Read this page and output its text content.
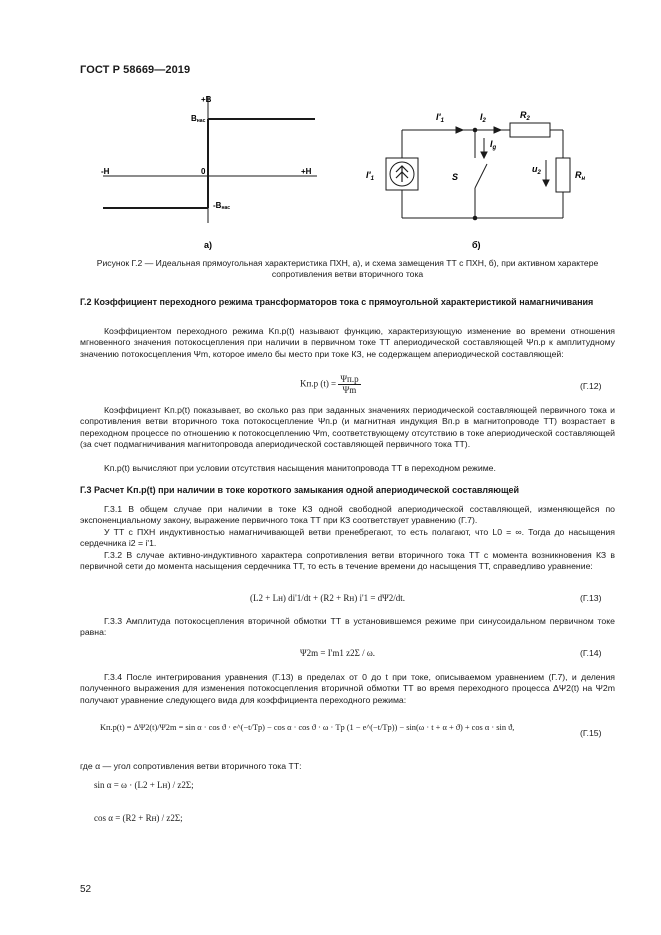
ГОСТ Р 58669—2019
+B
Bнас
-H	0	+H
-Bнас
a)
$I'_1$	$I_2$
$R_2$
$I_g$
$I'_1$	S
$u_2$	$R_н$
б)
Рисунок Г.2 — Идеальная прямоугольная характеристика ПХН, а), и схема замещения ТТ с ПХН, б), при активном характере сопротивления ветви вторичного тока
Г.2 Коэффициент переходного режима трансформаторов тока с прямоугольной характеристикой намагничивания
Коэффициентом переходного режима Kп.р(t) называют функцию, характеризующую изменение во времени отношения мгновенного значения потокосцепления при наличии в первичном токе ТТ апериодической составляющей Ψп.р к амплитудному значению потокосцепления Ψm, которое имело бы место при токе КЗ, не содержащем апериодической составляющей:
Kп.р $(t) = \frac{\Psi п.р}{\Psi m}$	(Г.12)
Коэффициент Kп.р(t) показывает, во сколько раз при заданных значениях периодической составляющей первичного тока и сопротивления ветви вторичного тока потокосцепление Ψп.р (и магнитная индукция Bп.р в магнитопроводе ТТ) возрастает в переходном процессе по отношению к потокосцеплению Ψm, соответствующему отсутствию в токе апериодической составляющей (за счет подмагничивания магнитопровода апериодической составляющей первичного тока ТТ).
Kп.р(t) вычисляют при условии отсутствия насыщения манитопровода ТТ в переходном режиме.
Г.3 Расчет Kп.р(t) при наличии в токе короткого замыкания одной апериодической составляющей
Г.3.1 В общем случае при наличии в токе КЗ одной свободной апериодической составляющей, изменяющейся по экспоненциальному закону, выражение первичного тока ТТ при КЗ соответствует уравнению (Г.7).
У ТТ с ПХН индуктивностью намагничивающей ветви пренебрегают, то есть полагают, что L0 = ∞. Тогда до насыщения сердечника i2 = i'1.
Г.3.2 В случае активно-индуктивного характера сопротивления ветви вторичного тока ТТ с момента возникновения КЗ в первичной сети до момента насыщения сердечника ТТ, то есть в течение времени до насыщения ТТ, справедливо уравнение:
(L2 + Lн) di'1/dt + (R2 + Rн) i'1 = dΨ2/dt.	(Г.13)
Г.3.3 Амплитуда потокосцепления вторичной обмотки ТТ в установившемся режиме при синусоидальном первичном токе равна:
Ψ2m = I'm1 z2Σ / ω.	(Г.14)
Г.3.4 После интегрирования уравнения (Г.13) в пределах от 0 до t при токе, описываемом уравнением (Г.7), и деления полученного выражения для изменения потокосцепления вторичной обмотки ТТ во время переходного процесса ΔΨ2(t) на Ψ2m получают уравнение следующего вида для коэффициента переходного режима:
Kп.р(t) = ΔΨ2(t)/Ψ2m = sin α · cos ϑ · e^(−t/Tp) − cos α · cos ϑ · ω · Tp (1 − e^(−t/Tp)) − sin(ω · t + α + ϑ) + cos α · sin ϑ,
(Г.15)
где α — угол сопротивления ветви вторичного тока ТТ:
sin α = ω · (L2 + Lн) / z2Σ;
cos α = (R2 + Rн) / z2Σ;
52
